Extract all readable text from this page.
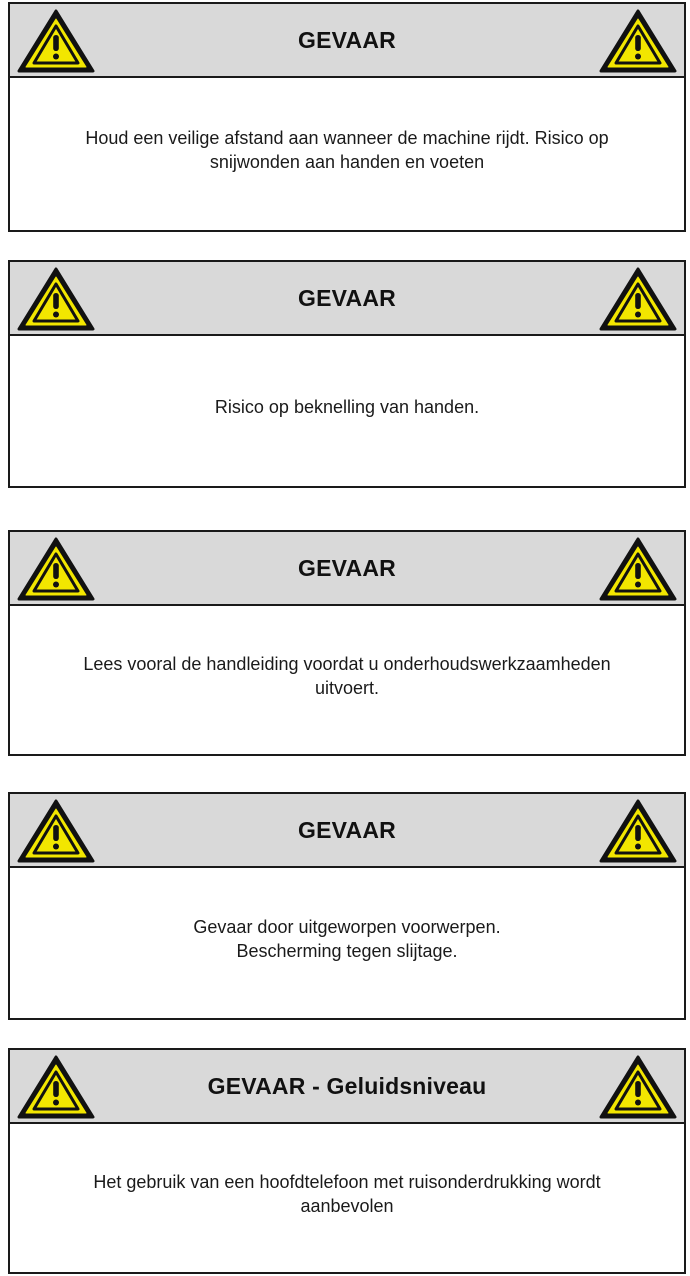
GEVAAR
Houd een veilige afstand aan wanneer de machine rijdt. Risico op
snijwonden aan handen en voeten
GEVAAR
Risico op beknelling van handen.
GEVAAR
Lees vooral de handleiding voordat u onderhoudswerkzaamheden
uitvoert.
GEVAAR
Gevaar door uitgeworpen voorwerpen.
Bescherming tegen slijtage.
GEVAAR - Geluidsniveau
Het gebruik van een hoofdtelefoon met ruisonderdrukking wordt
aanbevolen
